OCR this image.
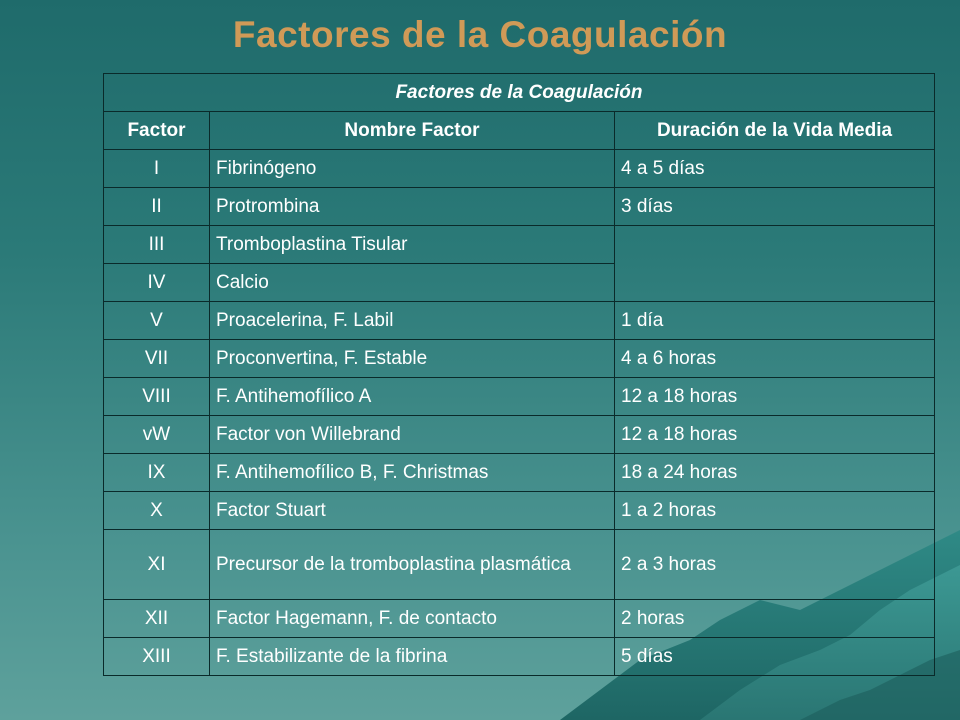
Factores de la Coagulación
Factores de la Coagulación		
Factor	Nombre Factor	Duración de la Vida Media
I	Fibrinógeno	4 a 5 días
II	Protrombina	3 días
III	Tromboplastina Tisular	
IV	Calcio	
V	Proacelerina, F. Labil	1 día
VII	Proconvertina, F. Estable	4 a 6 horas
VIII	F. Antihemofílico A	12 a 18 horas
vW	Factor von Willebrand	12 a 18 horas
IX	F. Antihemofílico B, F. Christmas	18 a 24 horas
X	Factor Stuart	1 a 2 horas
XI	Precursor de la tromboplastina plasmática	2 a 3 horas
XII	Factor Hagemann, F. de contacto	2 horas
XIII	F. Estabilizante de la fibrina	5 días
